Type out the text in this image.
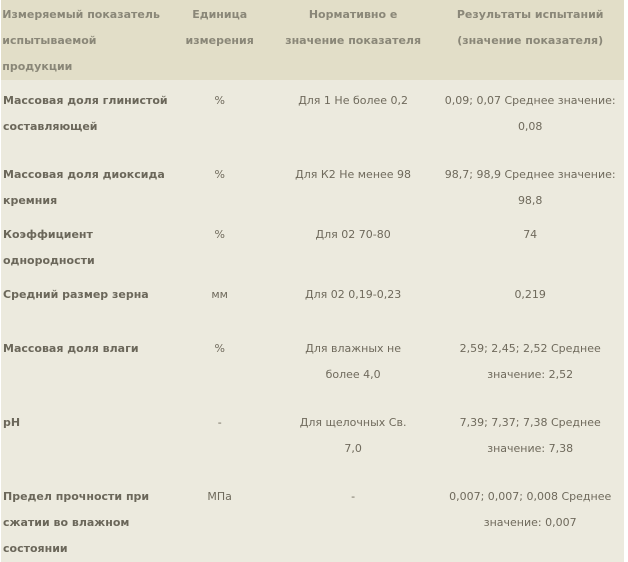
Измеряемый показатель испытываемой продукции	Единица измерения	Нормативно е значение показателя	Результаты испытаний (значение показателя)
Массовая доля глинистой составляющей	%	Для 1 Не более 0,2	0,09; 0,07 Среднее значение: 0,08
Массовая доля диоксида кремния	%	Для К2 Не менее 98	98,7; 98,9 Среднее значение: 98,8
Коэффициент однородности	%	Для 02 70-80	74
Средний размер зерна	мм	Для 02 0,19-0,23	0,219
Массовая доля влаги	%	Для влажных не более 4,0	2,59; 2,45; 2,52 Среднее значение: 2,52
pH	-	Для щелочных Св. 7,0	7,39; 7,37; 7,38 Среднее значение: 7,38
Предел прочности при сжатии во влажном состоянии	МПа	-	0,007; 0,007; 0,008 Среднее значение: 0,007
